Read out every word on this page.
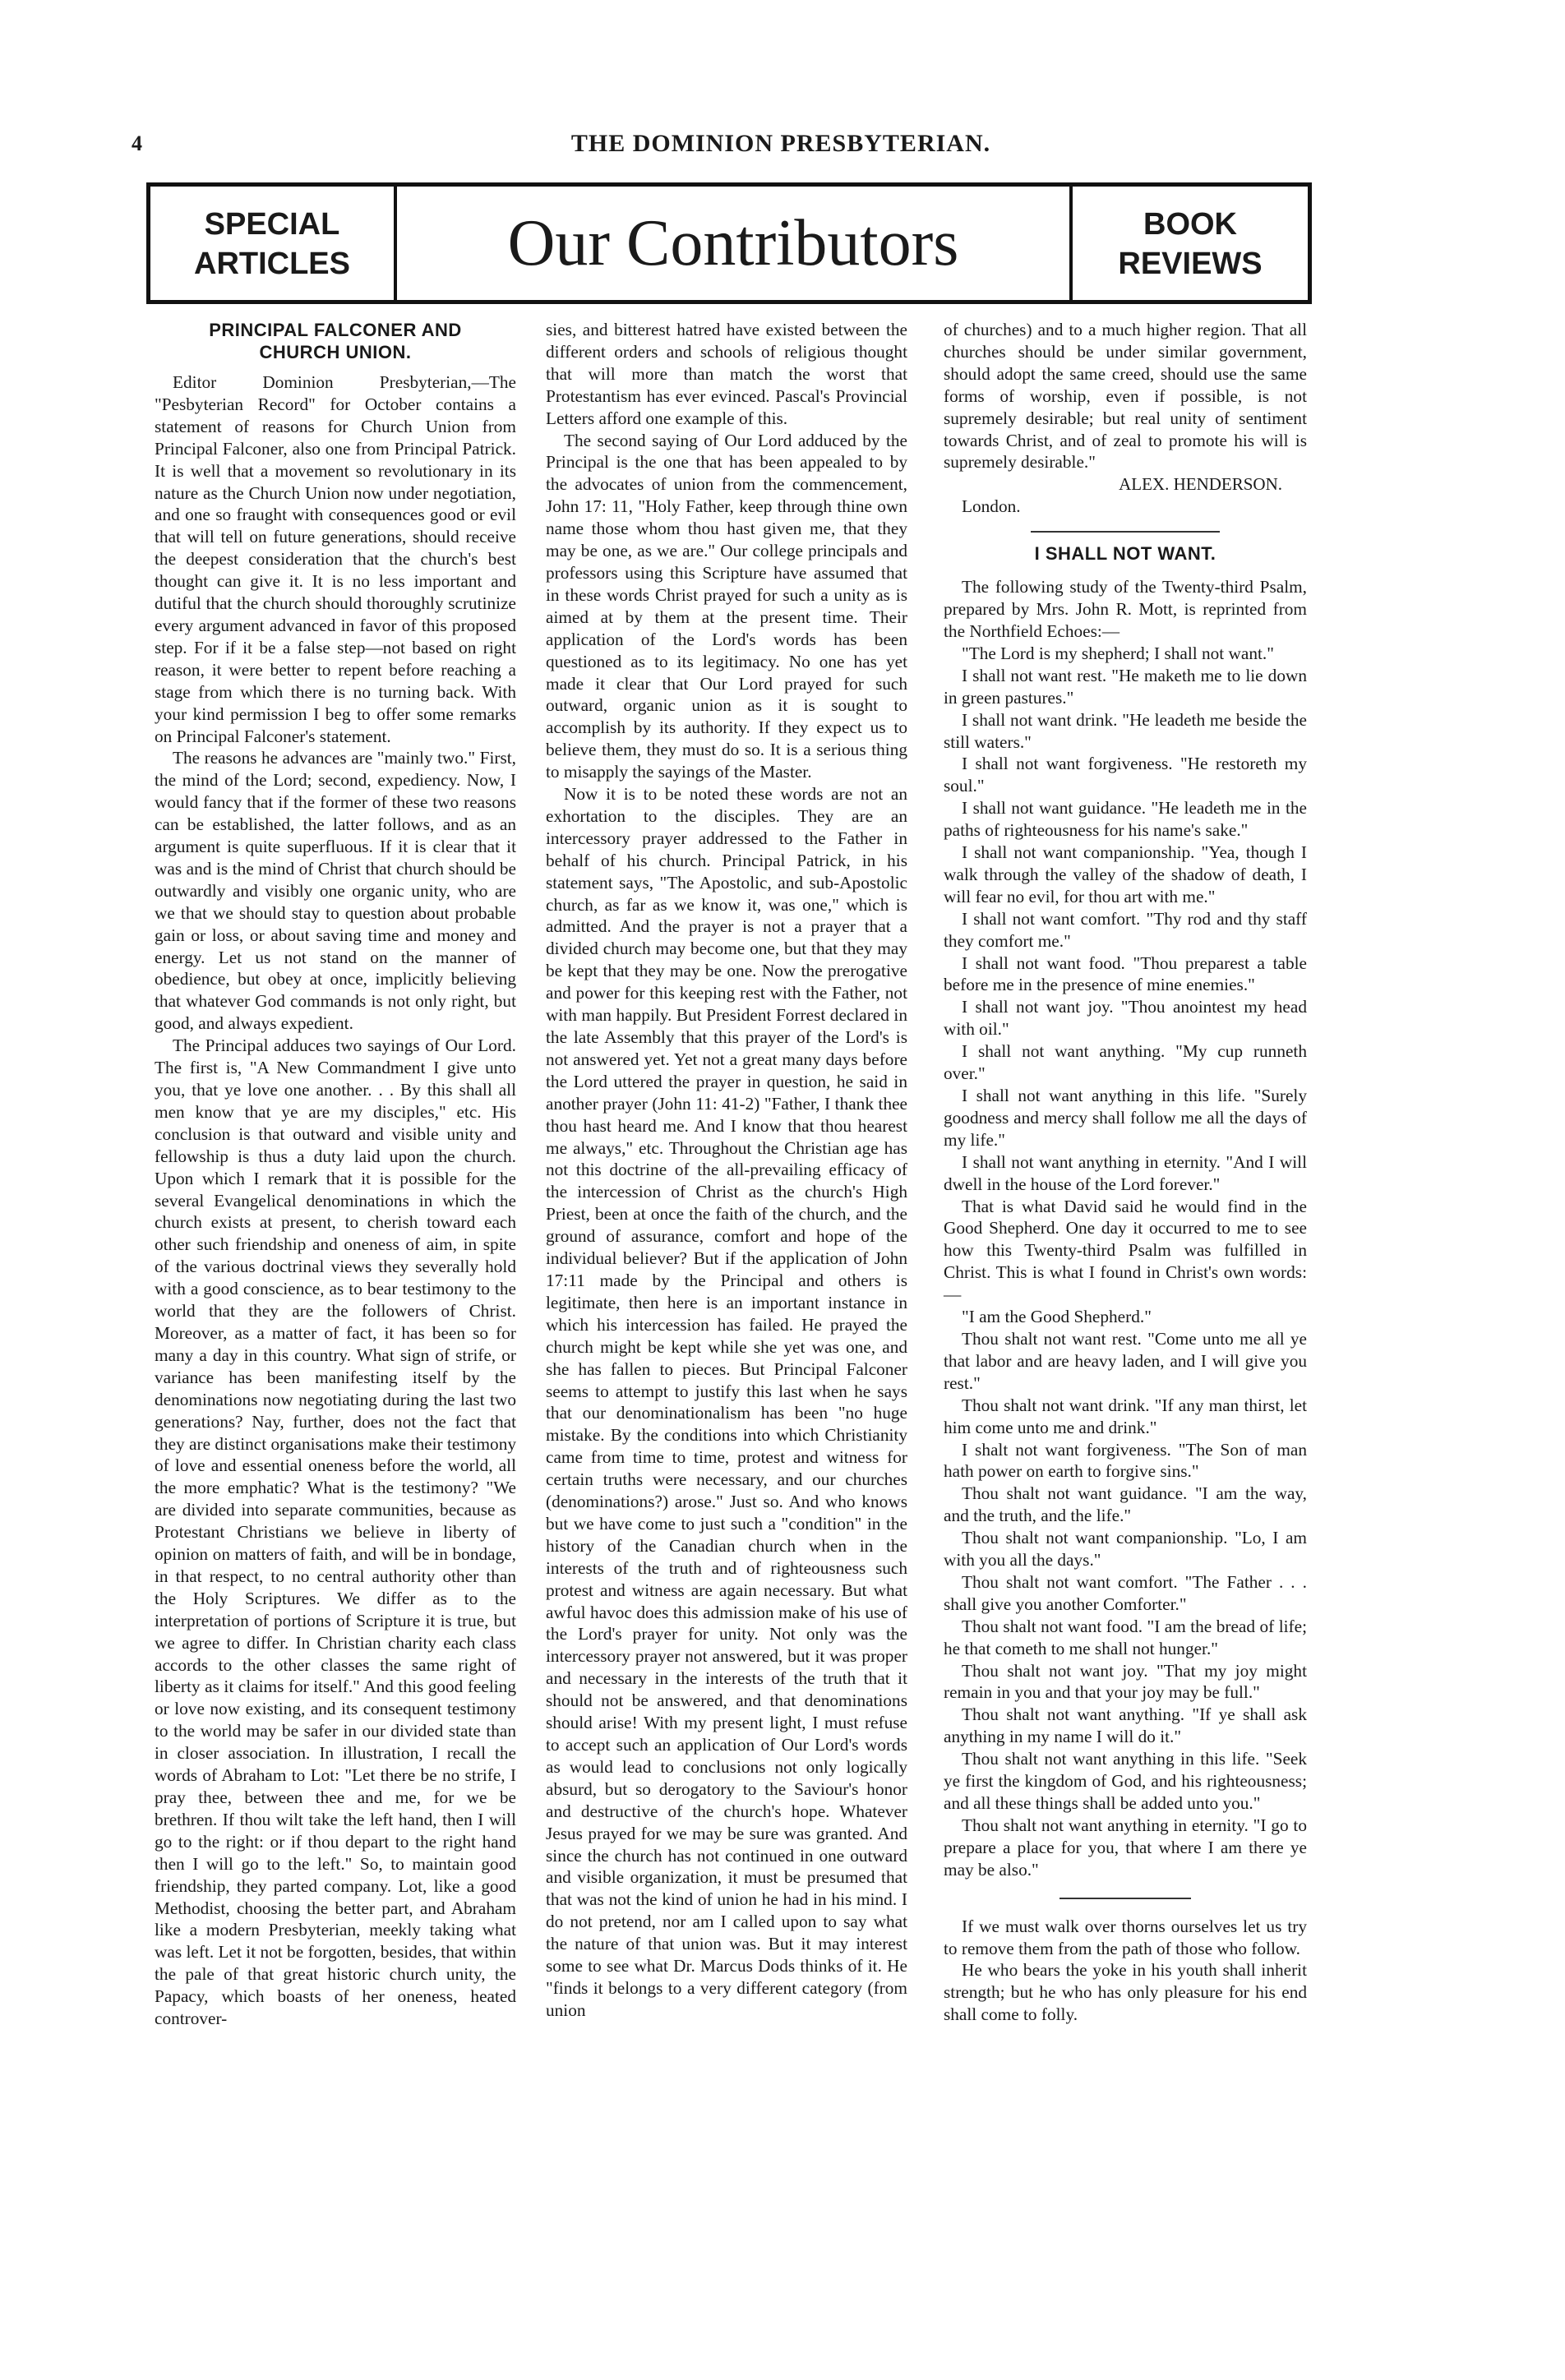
4	THE DOMINION PRESBYTERIAN.
SPECIAL
ARTICLES	Our Contributors	BOOK
REVIEWS
PRINCIPAL FALCONER AND
CHURCH UNION.

Editor Dominion Presbyterian,—The "Pesbyterian Record" for October contains a statement of reasons for Church Union from Principal Falconer, also one from Principal Patrick. It is well that a movement so revolutionary in its nature as the Church Union now under negotiation, and one so fraught with consequences good or evil that will tell on future generations, should receive the deepest consideration that the church's best thought can give it. It is no less important and dutiful that the church should thoroughly scrutinize every argument advanced in favor of this proposed step. For if it be a false step—not based on right reason, it were better to repent before reaching a stage from which there is no turning back. With your kind permission I beg to offer some remarks on Principal Falconer's statement.

The reasons he advances are "mainly two." First, the mind of the Lord; second, expediency. Now, I would fancy that if the former of these two reasons can be established, the latter follows, and as an argument is quite superfluous. If it is clear that it was and is the mind of Christ that church should be outwardly and visibly one organic unity, who are we that we should stay to question about probable gain or loss, or about saving time and money and energy. Let us not stand on the manner of obedience, but obey at once, implicitly believing that whatever God commands is not only right, but good, and always expedient.

The Principal adduces two sayings of Our Lord. The first is, "A New Commandment I give unto you, that ye love one another. . . By this shall all men know that ye are my disciples," etc. His conclusion is that outward and visible unity and fellowship is thus a duty laid upon the church. Upon which I remark that it is possible for the several Evangelical denominations in which the church exists at present, to cherish toward each other such friendship and oneness of aim, in spite of the various doctrinal views they severally hold with a good conscience, as to bear testimony to the world that they are the followers of Christ. Moreover, as a matter of fact, it has been so for many a day in this country. What sign of strife, or variance has been manifesting itself by the denominations now negotiating during the last two generations? Nay, further, does not the fact that they are distinct organisations make their testimony of love and essential oneness before the world, all the more emphatic? What is the testimony? "We are divided into separate communities, because as Protestant Christians we believe in liberty of opinion on matters of faith, and will be in bondage, in that respect, to no central authority other than the Holy Scriptures. We differ as to the interpretation of portions of Scripture it is true, but we agree to differ. In Christian charity each class accords to the other classes the same right of liberty as it claims for itself." And this good feeling or love now existing, and its consequent testimony to the world may be safer in our divided state than in closer association. In illustration, I recall the words of Abraham to Lot: "Let there be no strife, I pray thee, between thee and me, for we be brethren. If thou wilt take the left hand, then I will go to the right: or if thou depart to the right hand then I will go to the left." So, to maintain good friendship, they parted company. Lot, like a good Methodist, choosing the better part, and Abraham like a modern Presbyterian, meekly taking what was left. Let it not be forgotten, besides, that within the pale of that great historic church unity, the Papacy, which boasts of her oneness, heated controver-

sies, and bitterest hatred have existed between the different orders and schools of religious thought that will more than match the worst that Protestantism has ever evinced. Pascal's Provincial Letters afford one example of this.

The second saying of Our Lord adduced by the Principal is the one that has been appealed to by the advocates of union from the commencement, John 17: 11, "Holy Father, keep through thine own name those whom thou hast given me, that they may be one, as we are." Our college principals and professors using this Scripture have assumed that in these words Christ prayed for such a unity as is aimed at by them at the present time. Their application of the Lord's words has been questioned as to its legitimacy. No one has yet made it clear that Our Lord prayed for such outward, organic union as it is sought to accomplish by its authority. If they expect us to believe them, they must do so. It is a serious thing to misapply the sayings of the Master.

Now it is to be noted these words are not an exhortation to the disciples. They are an intercessory prayer addressed to the Father in behalf of his church. Principal Patrick, in his statement says, "The Apostolic, and sub-Apostolic church, as far as we know it, was one," which is admitted. And the prayer is not a prayer that a divided church may become one, but that they may be kept that they may be one. Now the prerogative and power for this keeping rest with the Father, not with man happily. But President Forrest declared in the late Assembly that this prayer of the Lord's is not answered yet. Yet not a great many days before the Lord uttered the prayer in question, he said in another prayer (John 11: 41-2) "Father, I thank thee thou hast heard me. And I know that thou hearest me always," etc. Throughout the Christian age has not this doctrine of the all-prevailing efficacy of the intercession of Christ as the church's High Priest, been at once the faith of the church, and the ground of assurance, comfort and hope of the individual believer? But if the application of John 17:11 made by the Principal and others is legitimate, then here is an important instance in which his intercession has failed. He prayed the church might be kept while she yet was one, and she has fallen to pieces. But Principal Falconer seems to attempt to justify this last when he says that our denominationalism has been "no huge mistake. By the conditions into which Christianity came from time to time, protest and witness for certain truths were necessary, and our churches (denominations?) arose." Just so. And who knows but we have come to just such a "condition" in the history of the Canadian church when in the interests of the truth and of righteousness such protest and witness are again necessary. But what awful havoc does this admission make of his use of the Lord's prayer for unity. Not only was the intercessory prayer not answered, but it was proper and necessary in the interests of the truth that it should not be answered, and that denominations should arise! With my present light, I must refuse to accept such an application of Our Lord's words as would lead to conclusions not only logically absurd, but so derogatory to the Saviour's honor and destructive of the church's hope. Whatever Jesus prayed for we may be sure was granted. And since the church has not continued in one outward and visible organization, it must be presumed that that was not the kind of union he had in his mind. I do not pretend, nor am I called upon to say what the nature of that union was. But it may interest some to see what Dr. Marcus Dods thinks of it. He "finds it belongs to a very different category (from union

of churches) and to a much higher region. That all churches should be under similar government, should adopt the same creed, should use the same forms of worship, even if possible, is not supremely desirable; but real unity of sentiment towards Christ, and of zeal to promote his will is supremely desirable."

ALEX. HENDERSON.

London.

I SHALL NOT WANT.

The following study of the Twenty-third Psalm, prepared by Mrs. John R. Mott, is reprinted from the Northfield Echoes:—

"The Lord is my shepherd; I shall not want."

I shall not want rest. "He maketh me to lie down in green pastures."

I shall not want drink. "He leadeth me beside the still waters."

I shall not want forgiveness. "He restoreth my soul."

I shall not want guidance. "He leadeth me in the paths of righteousness for his name's sake."

I shall not want companionship. "Yea, though I walk through the valley of the shadow of death, I will fear no evil, for thou art with me."

I shall not want comfort. "Thy rod and thy staff they comfort me."

I shall not want food. "Thou preparest a table before me in the presence of mine enemies."

I shall not want joy. "Thou anointest my head with oil."

I shall not want anything. "My cup runneth over."

I shall not want anything in this life. "Surely goodness and mercy shall follow me all the days of my life."

I shall not want anything in eternity. "And I will dwell in the house of the Lord forever."

That is what David said he would find in the Good Shepherd. One day it occurred to me to see how this Twenty-third Psalm was fulfilled in Christ. This is what I found in Christ's own words:—

"I am the Good Shepherd."

Thou shalt not want rest. "Come unto me all ye that labor and are heavy laden, and I will give you rest."

Thou shalt not want drink. "If any man thirst, let him come unto me and drink."

I shalt not want forgiveness. "The Son of man hath power on earth to forgive sins."

Thou shalt not want guidance. "I am the way, and the truth, and the life."

Thou shalt not want companionship. "Lo, I am with you all the days."

Thou shalt not want comfort. "The Father . . . shall give you another Comforter."

Thou shalt not want food. "I am the bread of life; he that cometh to me shall not hunger."

Thou shalt not want joy. "That my joy might remain in you and that your joy may be full."

Thou shalt not want anything. "If ye shall ask anything in my name I will do it."

Thou shalt not want anything in this life. "Seek ye first the kingdom of God, and his righteousness; and all these things shall be added unto you."

Thou shalt not want anything in eternity. "I go to prepare a place for you, that where I am there ye may be also."

If we must walk over thorns ourselves let us try to remove them from the path of those who follow.

He who bears the yoke in his youth shall inherit strength; but he who has only pleasure for his end shall come to folly.
